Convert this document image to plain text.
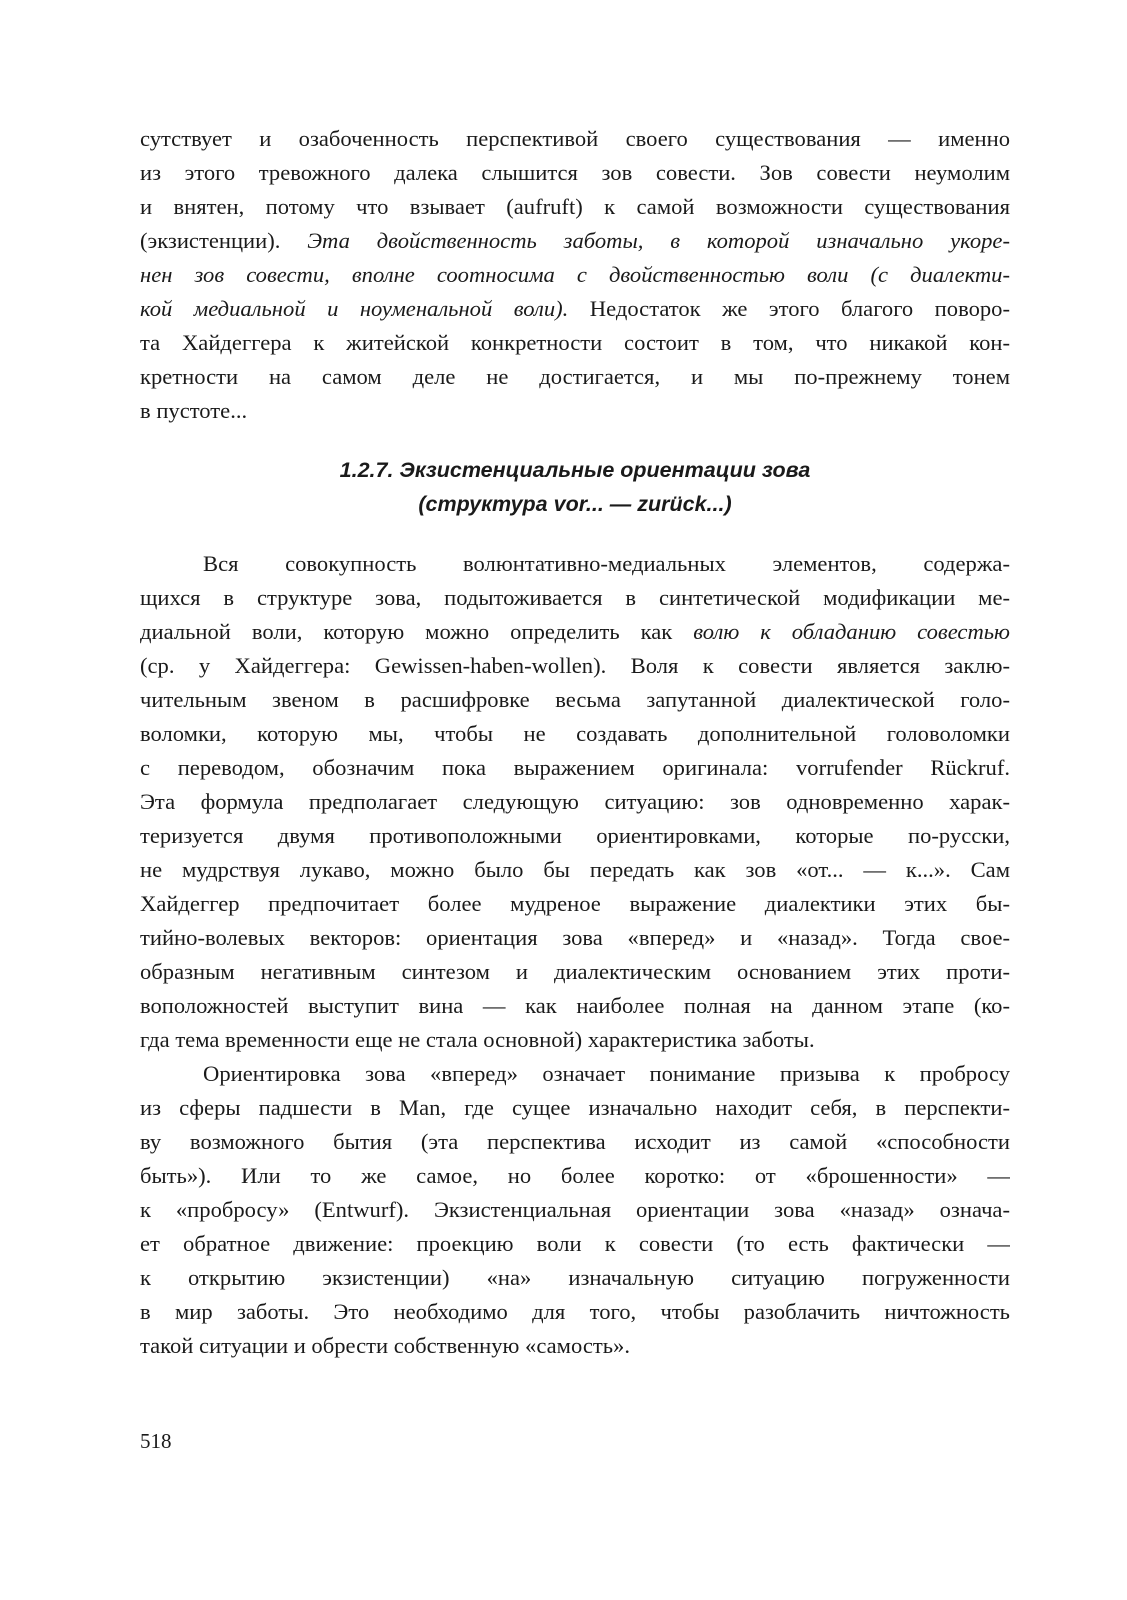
сутствует и озабоченность перспективой своего существования — именно
из этого тревожного далека слышится зов совести. Зов совести неумолим
и внятен, потому что взывает (aufruft) к самой возможности существования
(экзистенции). Эта двойственность заботы, в которой изначально укоре-
нен зов совести, вполне соотносима с двойственностью воли (с диалекти-
кой медиальной и ноуменальной воли). Недостаток же этого благого поворо-
та Хайдеггера к житейской конкретности состоит в том, что никакой кон-
кретности на самом деле не достигается, и мы по-прежнему тонем
в пустоте...
1.2.7. Экзистенциальные ориентации зова
(структура vor... — zurück...)
Вся совокупность волюнтативно-медиальных элементов, содержа-
щихся в структуре зова, подытоживается в синтетической модификации ме-
диальной воли, которую можно определить как волю к обладанию совестью
(ср. у Хайдеггера: Gewissen-haben-wollen). Воля к совести является заклю-
чительным звеном в расшифровке весьма запутанной диалектической голо-
воломки, которую мы, чтобы не создавать дополнительной головоломки
с переводом, обозначим пока выражением оригинала: vorrufender Rückruf.
Эта формула предполагает следующую ситуацию: зов одновременно харак-
теризуется двумя противоположными ориентировками, которые по-русски,
не мудрствуя лукаво, можно было бы передать как зов «от... — к...». Сам
Хайдеггер предпочитает более мудреное выражение диалектики этих бы-
тийно-волевых векторов: ориентация зова «вперед» и «назад». Тогда свое-
образным негативным синтезом и диалектическим основанием этих проти-
воположностей выступит вина — как наиболее полная на данном этапе (ко-
гда тема временности еще не стала основной) характеристика заботы.
Ориентировка зова «вперед» означает понимание призыва к пробросу
из сферы падшести в Man, где сущее изначально находит себя, в перспекти-
ву возможного бытия (эта перспектива исходит из самой «способности
быть»). Или то же самое, но более коротко: от «брошенности» —
к «пробросу» (Entwurf). Экзистенциальная ориентации зова «назад» означа-
ет обратное движение: проекцию воли к совести (то есть фактически —
к открытию экзистенции) «на» изначальную ситуацию погруженности
в мир заботы. Это необходимо для того, чтобы разоблачить ничтожность
такой ситуации и обрести собственную «самость».
518
